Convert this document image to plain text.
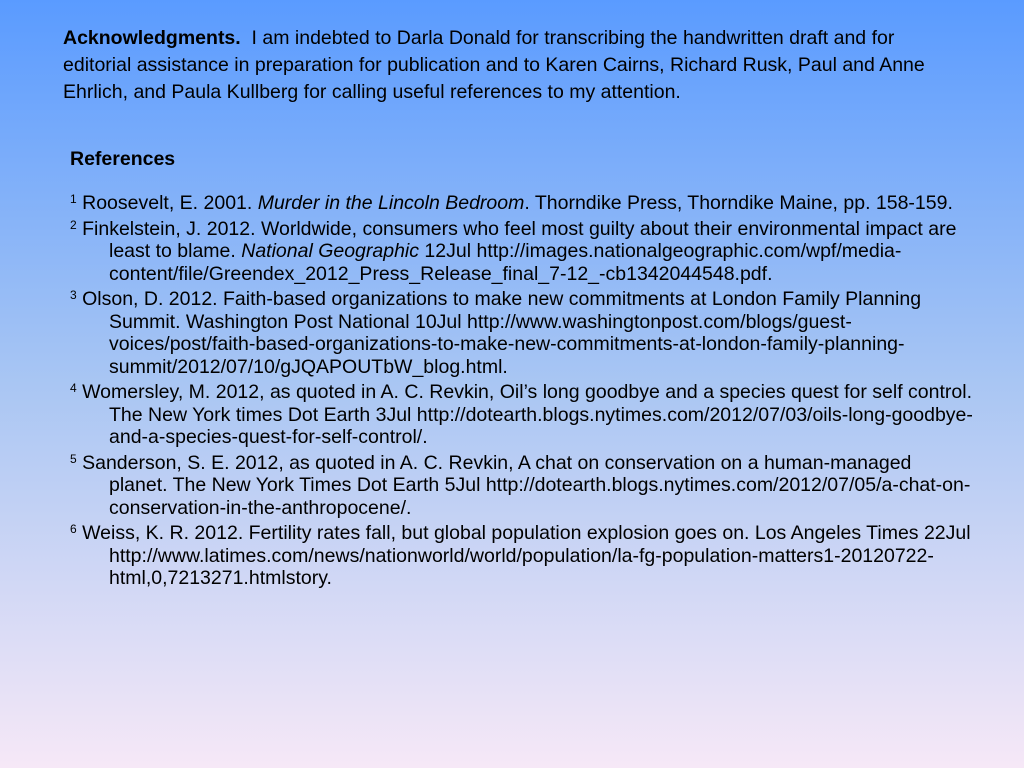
Acknowledgments. I am indebted to Darla Donald for transcribing the handwritten draft and for editorial assistance in preparation for publication and to Karen Cairns, Richard Rusk, Paul and Anne Ehrlich, and Paula Kullberg for calling useful references to my attention.
References
$^1$ Roosevelt, E. 2001. Murder in the Lincoln Bedroom. Thorndike Press, Thorndike Maine, pp. 158-159.
$^2$ Finkelstein, J. 2012. Worldwide, consumers who feel most guilty about their environmental impact are least to blame. National Geographic 12Jul http://images.nationalgeographic.com/wpf/media-content/file/Greendex_2012_Press_Release_final_7-12_-cb1342044548.pdf.
$^3$ Olson, D. 2012. Faith-based organizations to make new commitments at London Family Planning Summit. Washington Post National 10Jul http://www.washingtonpost.com/blogs/guest-voices/post/faith-based-organizations-to-make-new-commitments-at-london-family-planning-summit/2012/07/10/gJQAPOUTbW_blog.html.
$^4$ Womersley, M. 2012, as quoted in A. C. Revkin, Oil’s long goodbye and a species quest for self control. The New York times Dot Earth 3Jul http://dotearth.blogs.nytimes.com/2012/07/03/oils-long-goodbye-and-a-species-quest-for-self-control/.
$^5$ Sanderson, S. E. 2012, as quoted in A. C. Revkin, A chat on conservation on a human-managed planet. The New York Times Dot Earth 5Jul http://dotearth.blogs.nytimes.com/2012/07/05/a-chat-on-conservation-in-the-anthropocene/.
$^6$ Weiss, K. R. 2012. Fertility rates fall, but global population explosion goes on. Los Angeles Times 22Jul http://www.latimes.com/news/nationworld/world/population/la-fg-population-matters1-20120722-html,0,7213271.htmlstory.
